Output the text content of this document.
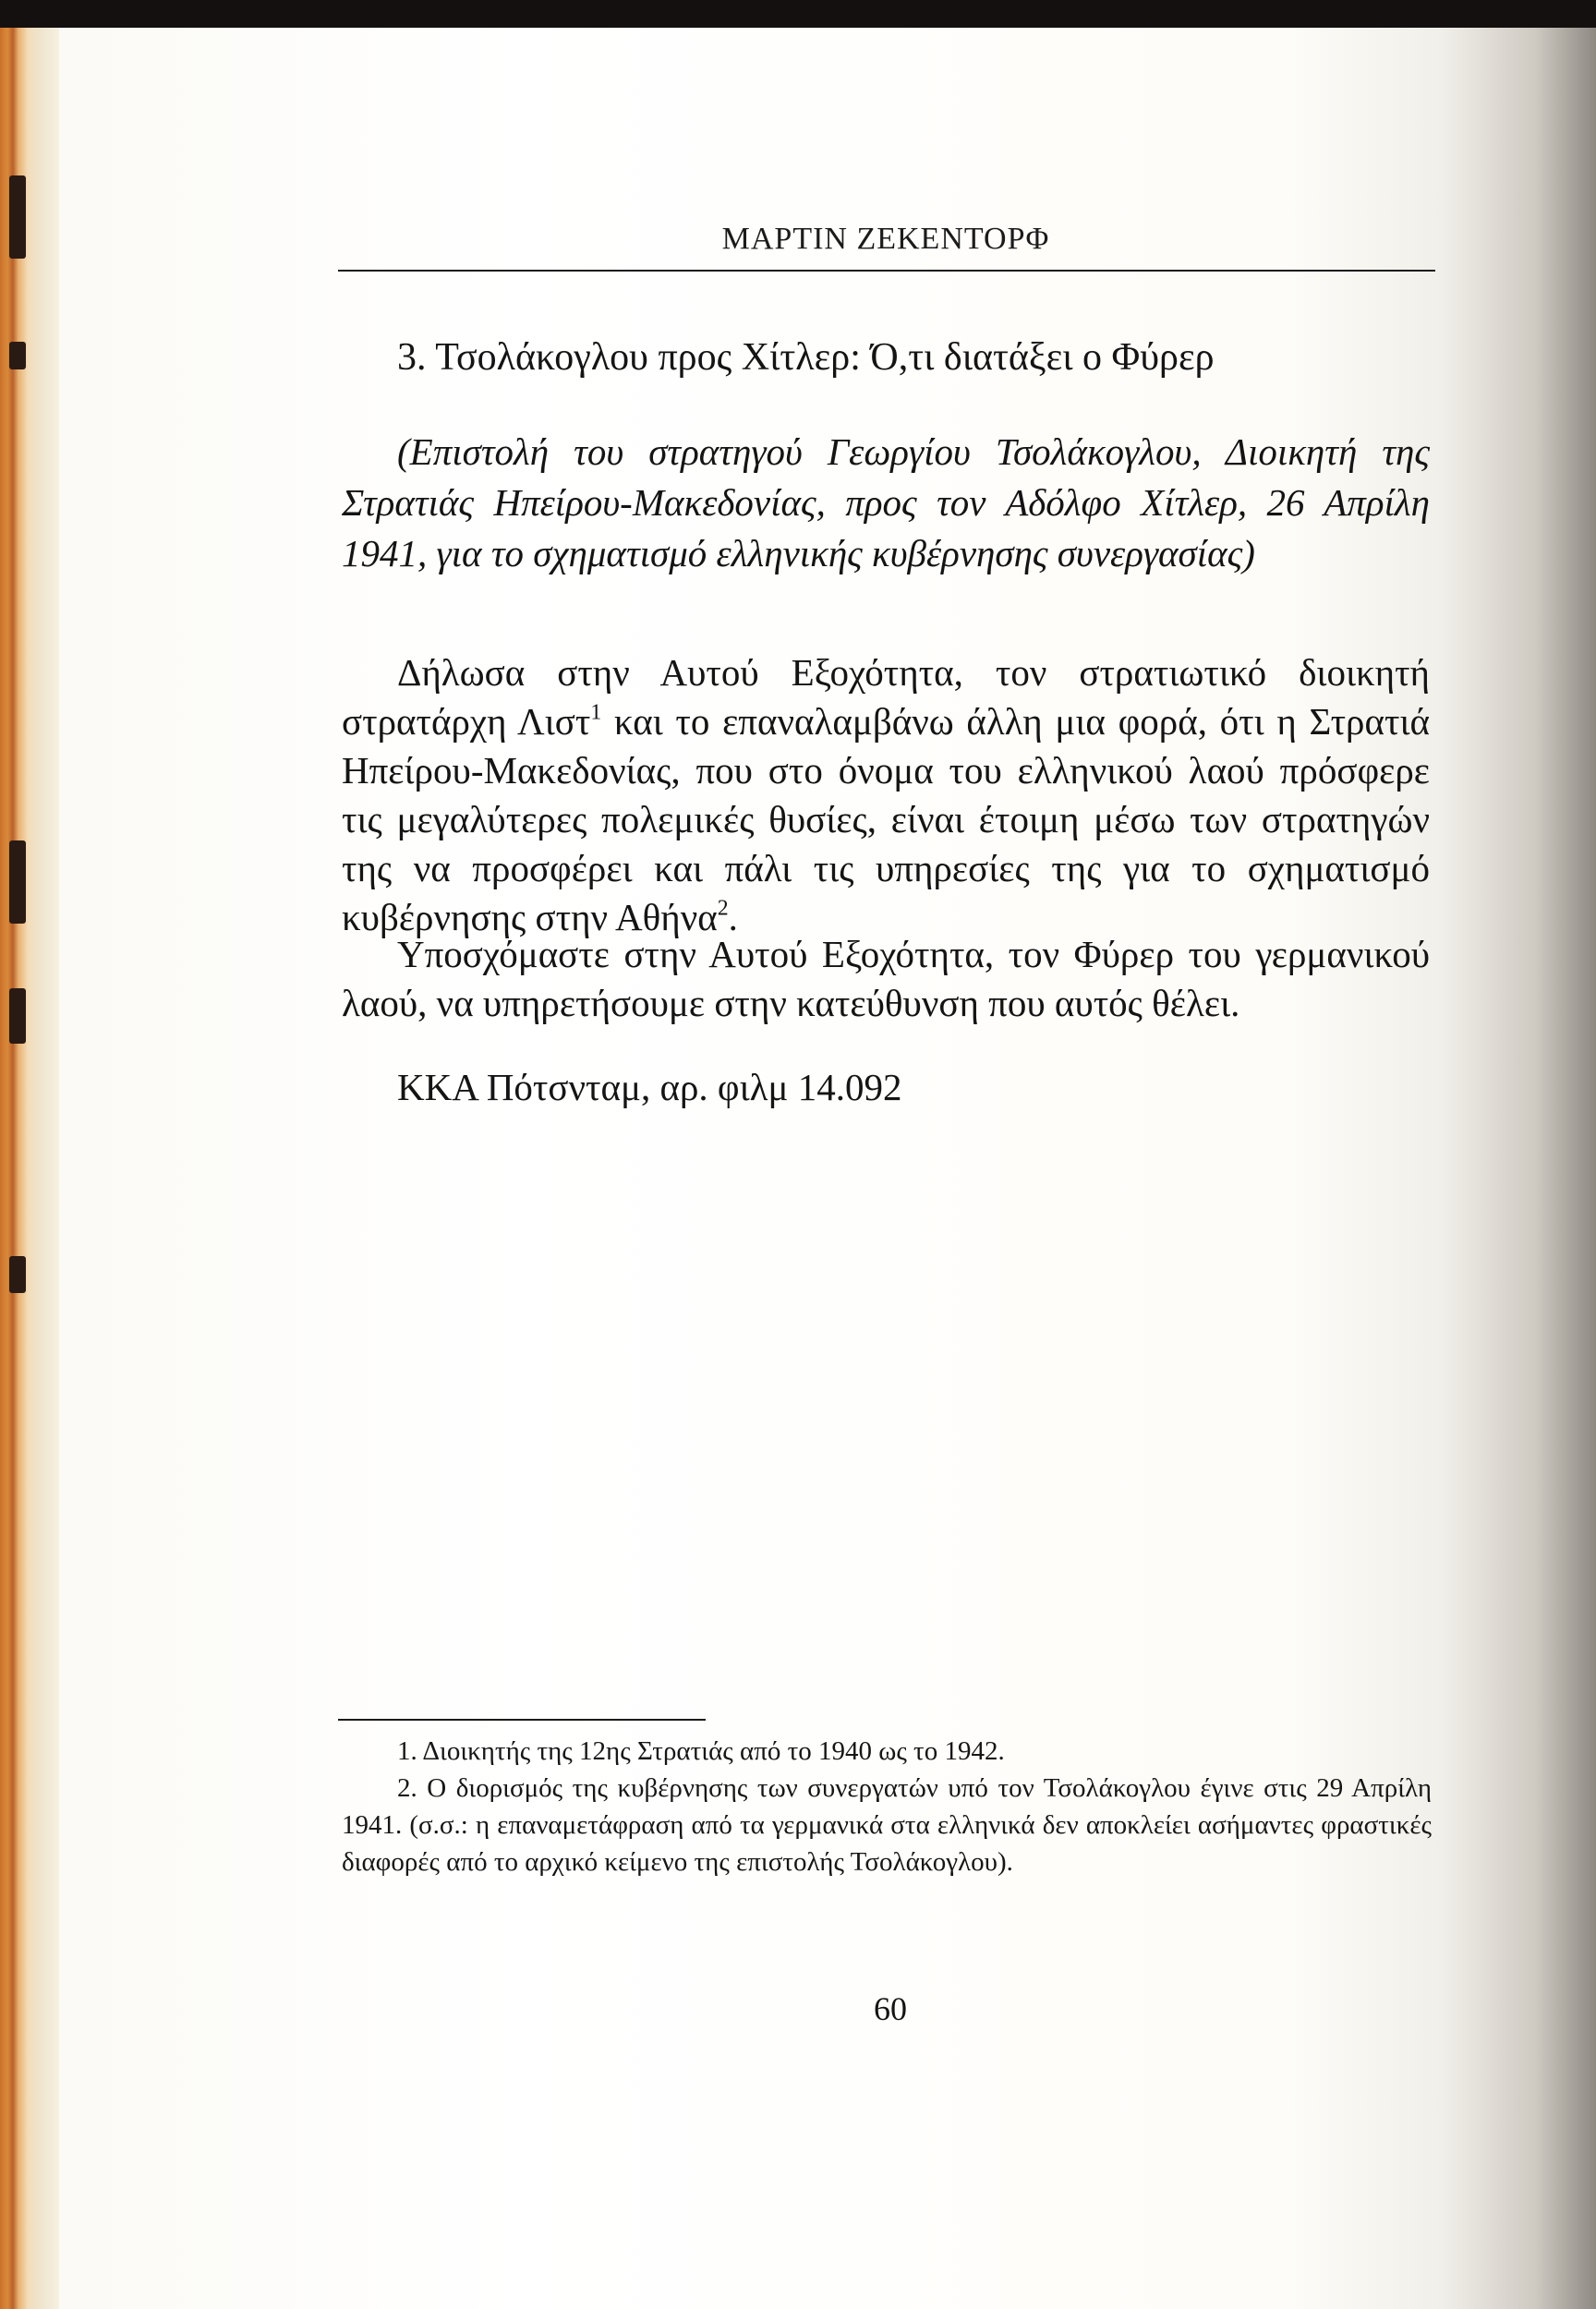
ΜΑΡΤΙΝ ΖΕΚΕΝΤΟΡΦ
3. Τσολάκογλου προς Χίτλερ: Ό,τι διατάξει ο Φύρερ

(Επιστολή του στρατηγού Γεωργίου Τσολάκογλου, Διοικητή της Στρατιάς Ηπείρου-Μακεδονίας, προς τον Αδόλφο Χίτλερ, 26 Απρίλη 1941, για το σχηματισμό ελληνικής κυβέρνησης συνεργασίας)

Δήλωσα στην Αυτού Εξοχότητα, τον στρατιωτικό διοικητή στρατάρχη Λιστ$^1$ και το επαναλαμβάνω άλλη μια φορά, ότι η Στρατιά Ηπείρου-Μακεδονίας, που στο όνομα του ελληνικού λαού πρόσφερε τις μεγαλύτερες πολεμικές θυσίες, είναι έτοιμη μέσω των στρατηγών της να προσφέρει και πάλι τις υπηρεσίες της για το σχηματισμό κυβέρνησης στην Αθήνα$^2$.

Υποσχόμαστε στην Αυτού Εξοχότητα, τον Φύρερ του γερμανικού λαού, να υπηρετήσουμε στην κατεύθυνση που αυτός θέλει.

ΚΚΑ Πότσνταμ, αρ. φιλμ 14.092

1. Διοικητής της 12ης Στρατιάς από το 1940 ως το 1942.

2. Ο διορισμός της κυβέρνησης των συνεργατών υπό τον Τσολάκογλου έγινε στις 29 Απρίλη 1941. (σ.σ.: η επαναμετάφραση από τα γερμανικά στα ελληνικά δεν αποκλείει ασήμαντες φραστικές διαφορές από το αρχικό κείμενο της επιστολής Τσολάκογλου).

60
